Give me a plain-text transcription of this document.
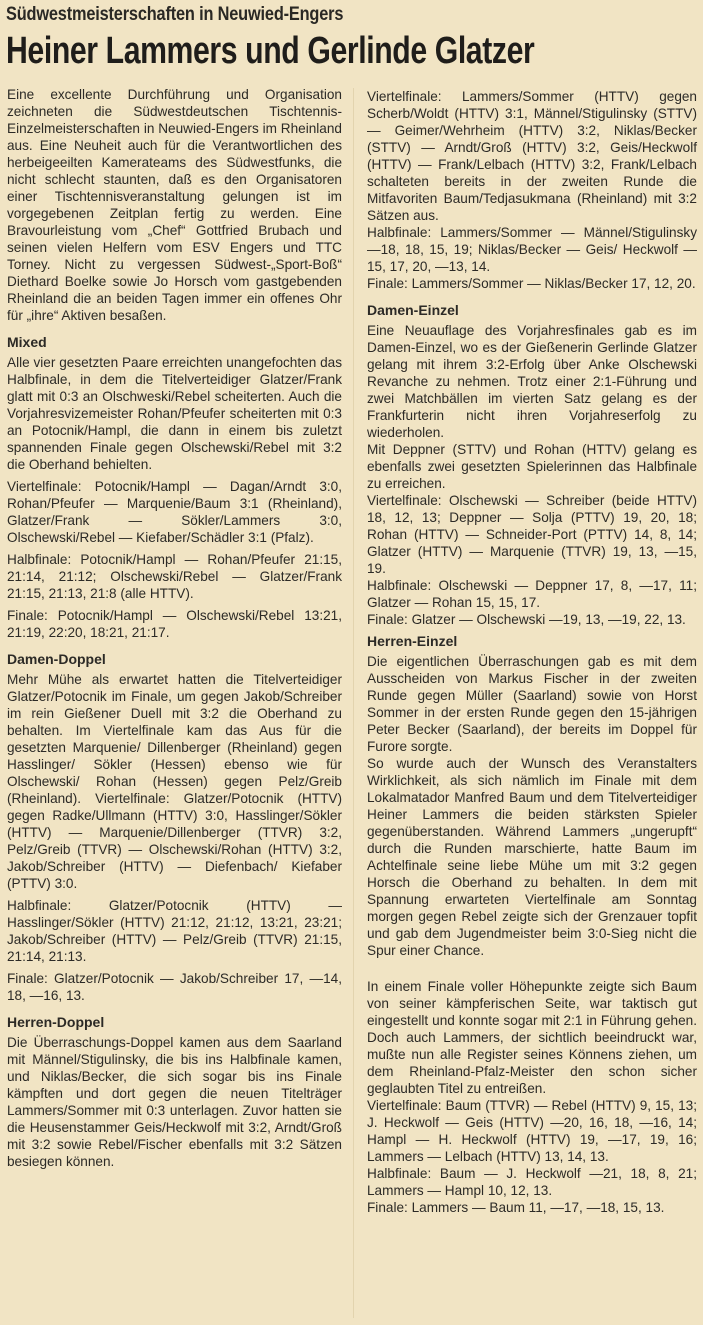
Südwestmeisterschaften in Neuwied-Engers
Heiner Lammers und Gerlinde Glatzer

Eine excellente Durchführung und Organisation zeichneten die Südwestdeutschen Tischtennis-Einzelmeisterschaften in Neuwied-Engers im Rheinland aus. Eine Neuheit auch für die Verantwortlichen des herbeigeeilten Kamerateams des Südwestfunks, die nicht schlecht staunten, daß es den Organisatoren einer Tischtennisveranstaltung gelungen ist im vorgegebenen Zeitplan fertig zu werden. Eine Bravourleistung vom „Chef“ Gottfried Brubach und seinen vielen Helfern vom ESV Engers und TTC Torney. Nicht zu vergessen Südwest-„Sport-Boß“ Diethard Boelke sowie Jo Horsch vom gastgebenden Rheinland die an beiden Tagen immer ein offenes Ohr für „ihre“ Aktiven besaßen.

Mixed

Alle vier gesetzten Paare erreichten unangefochten das Halbfinale, in dem die Titelverteidiger Glatzer/Frank glatt mit 0:3 an Olschweski/Rebel scheiterten. Auch die Vorjahresvizemeister Rohan/Pfeufer scheiterten mit 0:3 an Potocnik/Hampl, die dann in einem bis zuletzt spannenden Finale gegen Olschewski/Rebel mit 3:2 die Oberhand behielten.

Viertelfinale: Potocnik/Hampl — Dagan/Arndt 3:0, Rohan/Pfeufer — Marquenie/Baum 3:1 (Rheinland), Glatzer/Frank — Sökler/Lammers 3:0, Olschewski/Rebel — Kiefaber/Schädler 3:1 (Pfalz).

Halbfinale: Potocnik/Hampl — Rohan/Pfeufer 21:15, 21:14, 21:12; Olschewski/Rebel — Glatzer/Frank 21:15, 21:13, 21:8 (alle HTTV).

Finale: Potocnik/Hampl — Olschewski/Rebel 13:21, 21:19, 22:20, 18:21, 21:17.

Damen-Doppel

Mehr Mühe als erwartet hatten die Titelverteidiger Glatzer/Potocnik im Finale, um gegen Jakob/Schreiber im rein Gießener Duell mit 3:2 die Oberhand zu behalten. Im Viertelfinale kam das Aus für die gesetzten Marquenie/ Dillenberger (Rheinland) gegen Hasslinger/ Sökler (Hessen) ebenso wie für Olschewski/ Rohan (Hessen) gegen Pelz/Greib (Rheinland). Viertelfinale: Glatzer/Potocnik (HTTV) gegen Radke/Ullmann (HTTV) 3:0, Hasslinger/Sökler (HTTV) — Marquenie/Dillenberger (TTVR) 3:2, Pelz/Greib (TTVR) — Olschewski/Rohan (HTTV) 3:2, Jakob/Schreiber (HTTV) — Diefenbach/ Kiefaber (PTTV) 3:0.

Halbfinale: Glatzer/Potocnik (HTTV) — Hasslinger/Sökler (HTTV) 21:12, 21:12, 13:21, 23:21; Jakob/Schreiber (HTTV) — Pelz/Greib (TTVR) 21:15, 21:14, 21:13.

Finale: Glatzer/Potocnik — Jakob/Schreiber 17, —14, 18, —16, 13.

Herren-Doppel

Die Überraschungs-Doppel kamen aus dem Saarland mit Männel/Stigulinsky, die bis ins Halbfinale kamen, und Niklas/Becker, die sich sogar bis ins Finale kämpften und dort gegen die neuen Titelträger Lammers/Sommer mit 0:3 unterlagen. Zuvor hatten sie die Heusenstammer Geis/Heckwolf mit 3:2, Arndt/Groß mit 3:2 sowie Rebel/Fischer ebenfalls mit 3:2 Sätzen besiegen können.

Viertelfinale: Lammers/Sommer (HTTV) gegen Scherb/Woldt (HTTV) 3:1, Männel/Stigulinsky (STTV) — Geimer/Wehrheim (HTTV) 3:2, Niklas/Becker (STTV) — Arndt/Groß (HTTV) 3:2, Geis/Heckwolf (HTTV) — Frank/Lelbach (HTTV) 3:2, Frank/Lelbach schalteten bereits in der zweiten Runde die Mitfavoriten Baum/Tedjasukmana (Rheinland) mit 3:2 Sätzen aus.

Halbfinale: Lammers/Sommer — Männel/Stigulinsky —18, 18, 15, 19; Niklas/Becker — Geis/ Heckwolf —15, 17, 20, —13, 14.

Finale: Lammers/Sommer — Niklas/Becker 17, 12, 20.

Damen-Einzel

Eine Neuauflage des Vorjahresfinales gab es im Damen-Einzel, wo es der Gießenerin Gerlinde Glatzer gelang mit ihrem 3:2-Erfolg über Anke Olschewski Revanche zu nehmen. Trotz einer 2:1-Führung und zwei Matchbällen im vierten Satz gelang es der Frankfurterin nicht ihren Vorjahreserfolg zu wiederholen.

Mit Deppner (STTV) und Rohan (HTTV) gelang es ebenfalls zwei gesetzten Spielerinnen das Halbfinale zu erreichen.

Viertelfinale: Olschewski — Schreiber (beide HTTV) 18, 12, 13; Deppner — Solja (PTTV) 19, 20, 18; Rohan (HTTV) — Schneider-Port (PTTV) 14, 8, 14; Glatzer (HTTV) — Marquenie (TTVR) 19, 13, —15, 19.

Halbfinale: Olschewski — Deppner 17, 8, —17, 11; Glatzer — Rohan 15, 15, 17.

Finale: Glatzer — Olschewski —19, 13, —19, 22, 13.

Herren-Einzel

Die eigentlichen Überraschungen gab es mit dem Ausscheiden von Markus Fischer in der zweiten Runde gegen Müller (Saarland) sowie von Horst Sommer in der ersten Runde gegen den 15-jährigen Peter Becker (Saarland), der bereits im Doppel für Furore sorgte.

So wurde auch der Wunsch des Veranstalters Wirklichkeit, als sich nämlich im Finale mit dem Lokalmatador Manfred Baum und dem Titelverteidiger Heiner Lammers die beiden stärksten Spieler gegenüberstanden. Während Lammers „ungerupft“ durch die Runden marschierte, hatte Baum im Achtelfinale seine liebe Mühe um mit 3:2 gegen Horsch die Oberhand zu behalten. In dem mit Spannung erwarteten Viertelfinale am Sonntag morgen gegen Rebel zeigte sich der Grenzauer topfit und gab dem Jugendmeister beim 3:0-Sieg nicht die Spur einer Chance.

In einem Finale voller Höhepunkte zeigte sich Baum von seiner kämpferischen Seite, war taktisch gut eingestellt und konnte sogar mit 2:1 in Führung gehen. Doch auch Lammers, der sichtlich beeindruckt war, mußte nun alle Register seines Könnens ziehen, um dem Rheinland-Pfalz-Meister den schon sicher geglaubten Titel zu entreißen.

Viertelfinale: Baum (TTVR) — Rebel (HTTV) 9, 15, 13; J. Heckwolf — Geis (HTTV) —20, 16, 18, —16, 14; Hampl — H. Heckwolf (HTTV) 19, —17, 19, 16; Lammers — Lelbach (HTTV) 13, 14, 13.

Halbfinale: Baum — J. Heckwolf —21, 18, 8, 21; Lammers — Hampl 10, 12, 13.

Finale: Lammers — Baum 11, —17, —18, 15, 13.
